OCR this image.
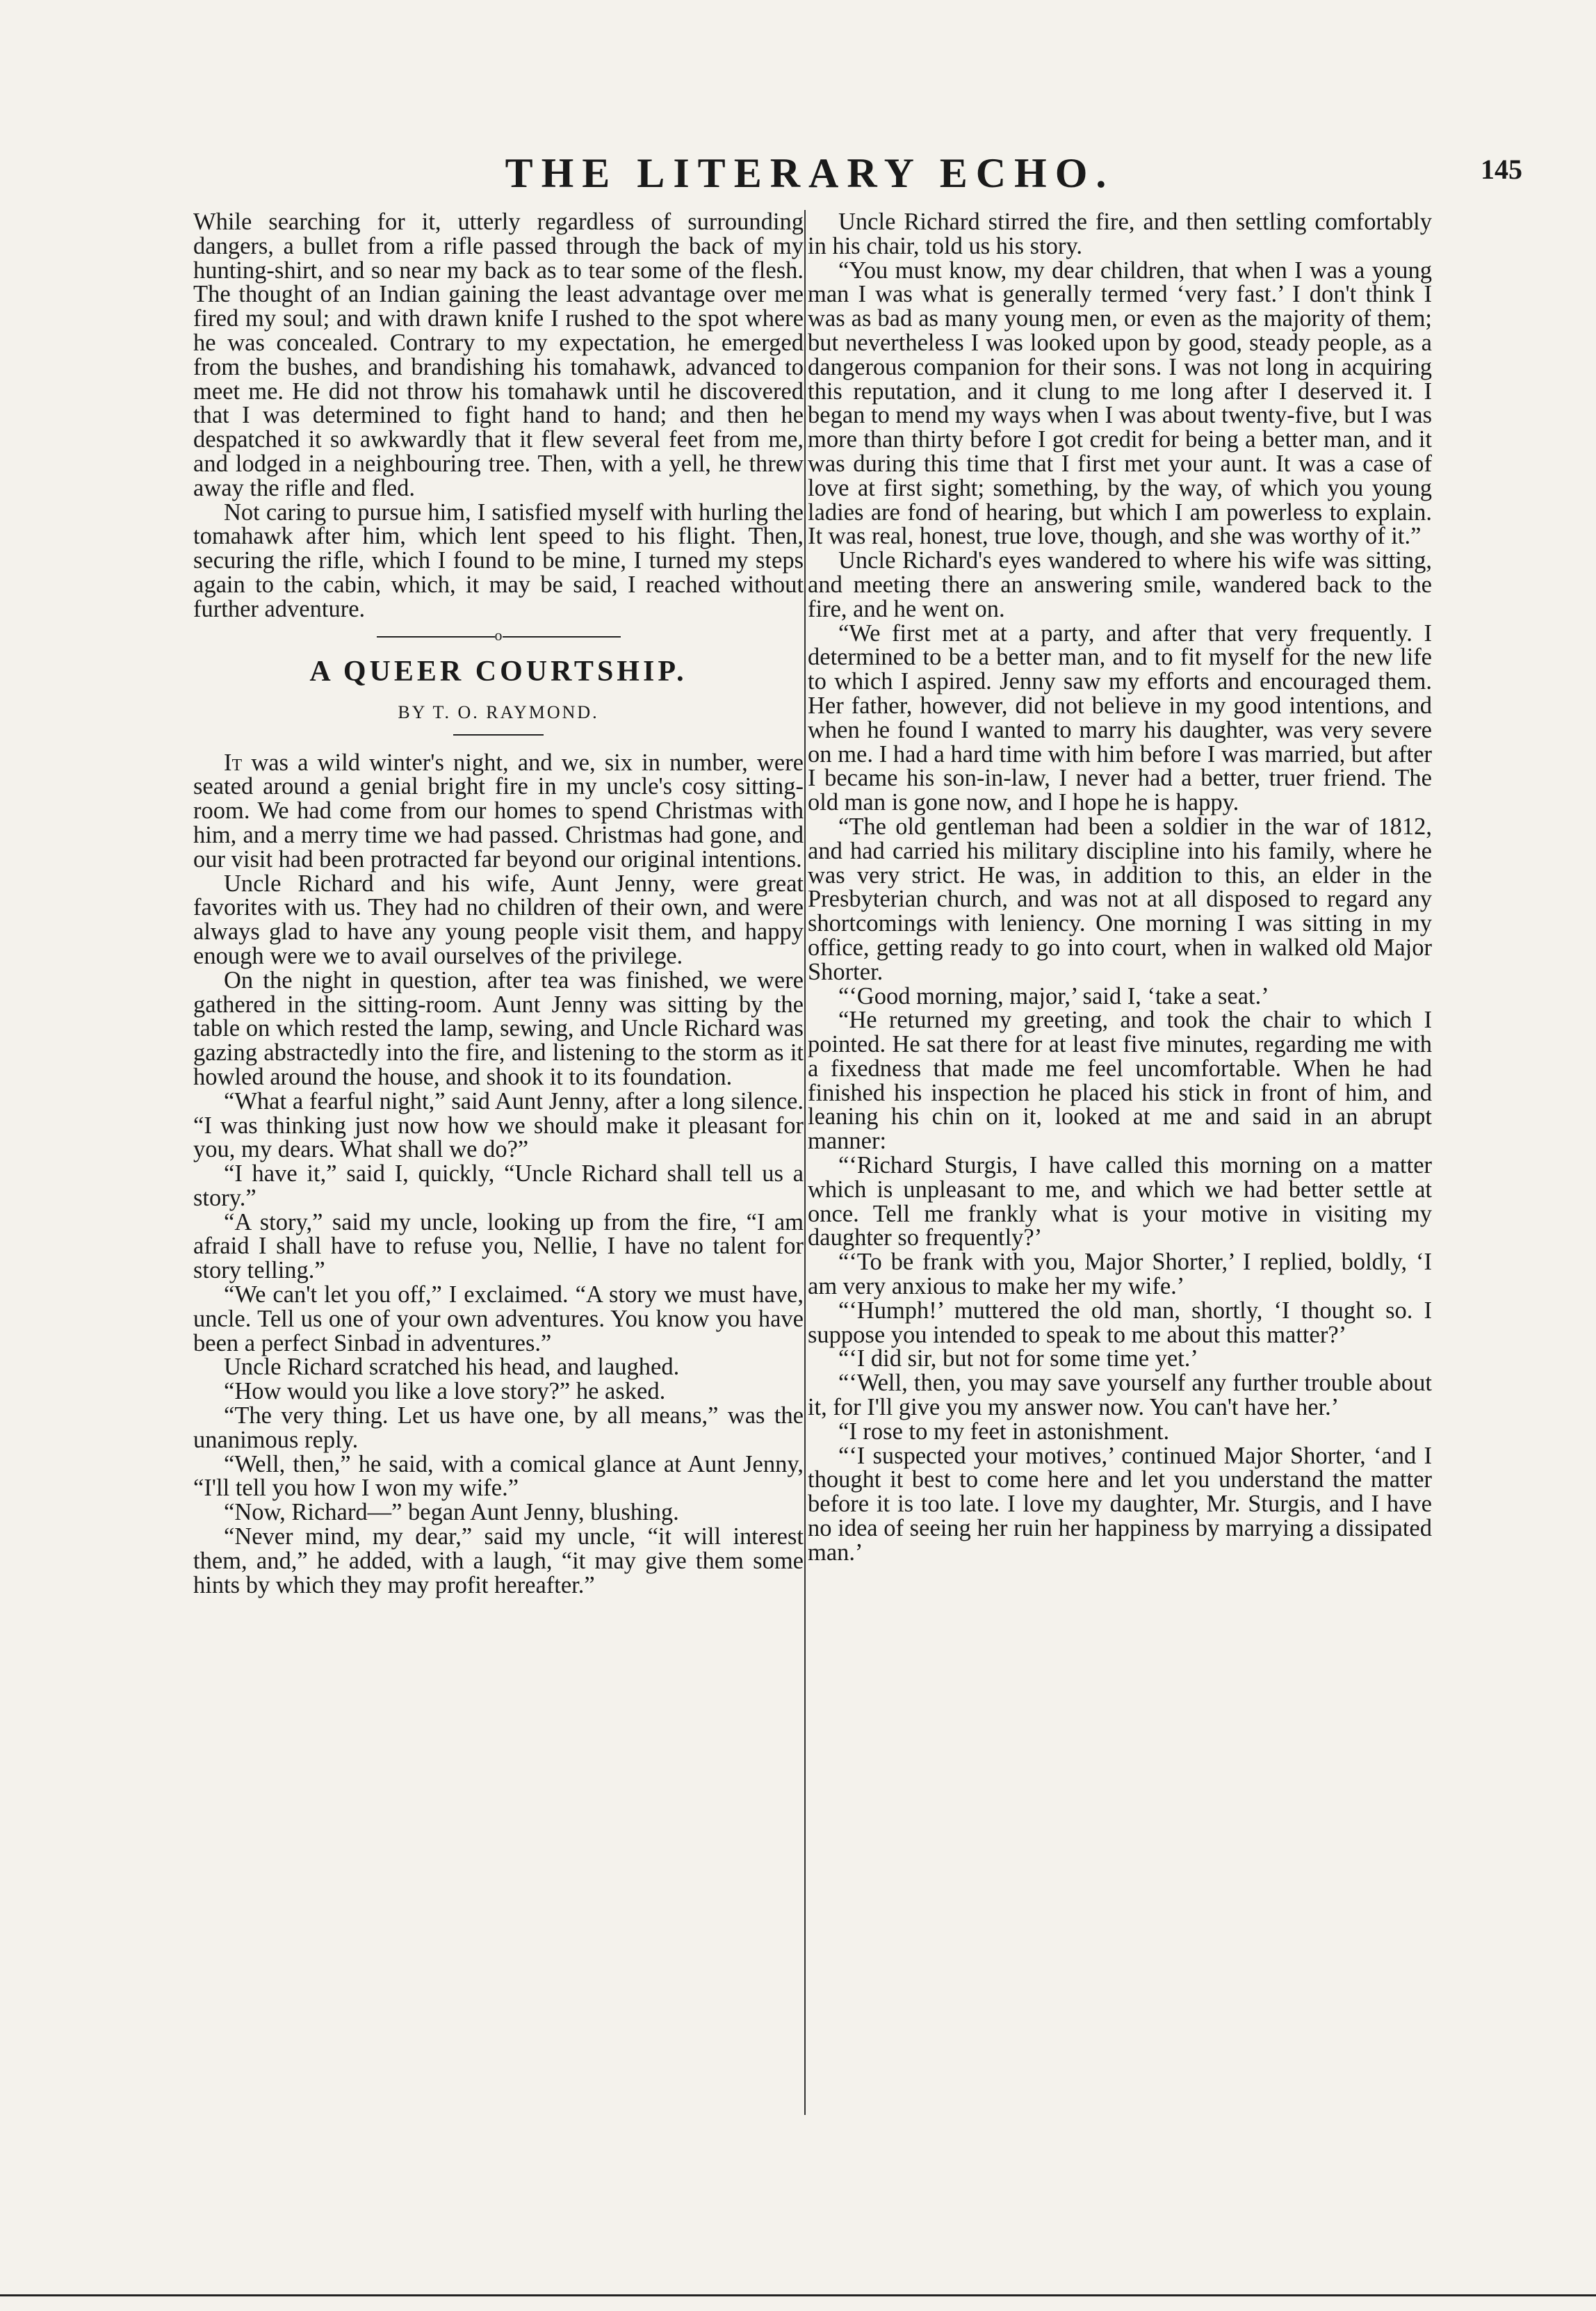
THE LITERARY ECHO.	145

While searching for it, utterly regardless of surrounding dangers, a bullet from a rifle passed through the back of my hunting-shirt, and so near my back as to tear some of the flesh. The thought of an Indian gaining the least advantage over me fired my soul; and with drawn knife I rushed to the spot where he was concealed. Contrary to my expectation, he emerged from the bushes, and brandishing his tomahawk, advanced to meet me. He did not throw his tomahawk until he discovered that I was determined to fight hand to hand; and then he despatched it so awkwardly that it flew several feet from me, and lodged in a neighbouring tree. Then, with a yell, he threw away the rifle and fled.

Not caring to pursue him, I satisfied myself with hurling the tomahawk after him, which lent speed to his flight. Then, securing the rifle, which I found to be mine, I turned my steps again to the cabin, which, it may be said, I reached without further adventure.

o
A QUEER COURTSHIP.
BY T. O. RAYMOND.

It was a wild winter's night, and we, six in number, were seated around a genial bright fire in my uncle's cosy sitting-room. We had come from our homes to spend Christmas with him, and a merry time we had passed. Christmas had gone, and our visit had been protracted far beyond our original intentions.

Uncle Richard and his wife, Aunt Jenny, were great favorites with us. They had no children of their own, and were always glad to have any young people visit them, and happy enough were we to avail ourselves of the privilege.

On the night in question, after tea was finished, we were gathered in the sitting-room. Aunt Jenny was sitting by the table on which rested the lamp, sewing, and Uncle Richard was gazing abstractedly into the fire, and listening to the storm as it howled around the house, and shook it to its foundation.

“What a fearful night,” said Aunt Jenny, after a long silence. “I was thinking just now how we should make it pleasant for you, my dears. What shall we do?”

“I have it,” said I, quickly, “Uncle Richard shall tell us a story.”

“A story,” said my uncle, looking up from the fire, “I am afraid I shall have to refuse you, Nellie, I have no talent for story telling.”

“We can't let you off,” I exclaimed. “A story we must have, uncle. Tell us one of your own adventures. You know you have been a perfect Sinbad in adventures.”

Uncle Richard scratched his head, and laughed.

“How would you like a love story?” he asked.

“The very thing. Let us have one, by all means,” was the unanimous reply.

“Well, then,” he said, with a comical glance at Aunt Jenny, “I'll tell you how I won my wife.”

“Now, Richard—” began Aunt Jenny, blushing.

“Never mind, my dear,” said my uncle, “it will interest them, and,” he added, with a laugh, “it may give them some hints by which they may profit hereafter.”

Uncle Richard stirred the fire, and then settling comfortably in his chair, told us his story.

“You must know, my dear children, that when I was a young man I was what is generally termed ‘very fast.’ I don't think I was as bad as many young men, or even as the majority of them; but nevertheless I was looked upon by good, steady people, as a dangerous companion for their sons. I was not long in acquiring this reputation, and it clung to me long after I deserved it. I began to mend my ways when I was about twenty-five, but I was more than thirty before I got credit for being a better man, and it was during this time that I first met your aunt. It was a case of love at first sight; something, by the way, of which you young ladies are fond of hearing, but which I am powerless to explain. It was real, honest, true love, though, and she was worthy of it.”

Uncle Richard's eyes wandered to where his wife was sitting, and meeting there an answering smile, wandered back to the fire, and he went on.

“We first met at a party, and after that very frequently. I determined to be a better man, and to fit myself for the new life to which I aspired. Jenny saw my efforts and encouraged them. Her father, however, did not believe in my good intentions, and when he found I wanted to marry his daughter, was very severe on me. I had a hard time with him before I was married, but after I became his son-in-law, I never had a better, truer friend. The old man is gone now, and I hope he is happy.

“The old gentleman had been a soldier in the war of 1812, and had carried his military discipline into his family, where he was very strict. He was, in addition to this, an elder in the Presbyterian church, and was not at all disposed to regard any shortcomings with leniency. One morning I was sitting in my office, getting ready to go into court, when in walked old Major Shorter.

“‘Good morning, major,’ said I, ‘take a seat.’

“He returned my greeting, and took the chair to which I pointed. He sat there for at least five minutes, regarding me with a fixedness that made me feel uncomfortable. When he had finished his inspection he placed his stick in front of him, and leaning his chin on it, looked at me and said in an abrupt manner:

“‘Richard Sturgis, I have called this morning on a matter which is unpleasant to me, and which we had better settle at once. Tell me frankly what is your motive in visiting my daughter so frequently?’

“‘To be frank with you, Major Shorter,’ I replied, boldly, ‘I am very anxious to make her my wife.’

“‘Humph!’ muttered the old man, shortly, ‘I thought so. I suppose you intended to speak to me about this matter?’

“‘I did sir, but not for some time yet.’

“‘Well, then, you may save yourself any further trouble about it, for I'll give you my answer now. You can't have her.’

“I rose to my feet in astonishment.

“‘I suspected your motives,’ continued Major Shorter, ‘and I thought it best to come here and let you understand the matter before it is too late. I love my daughter, Mr. Sturgis, and I have no idea of seeing her ruin her happiness by marrying a dissipated man.’
